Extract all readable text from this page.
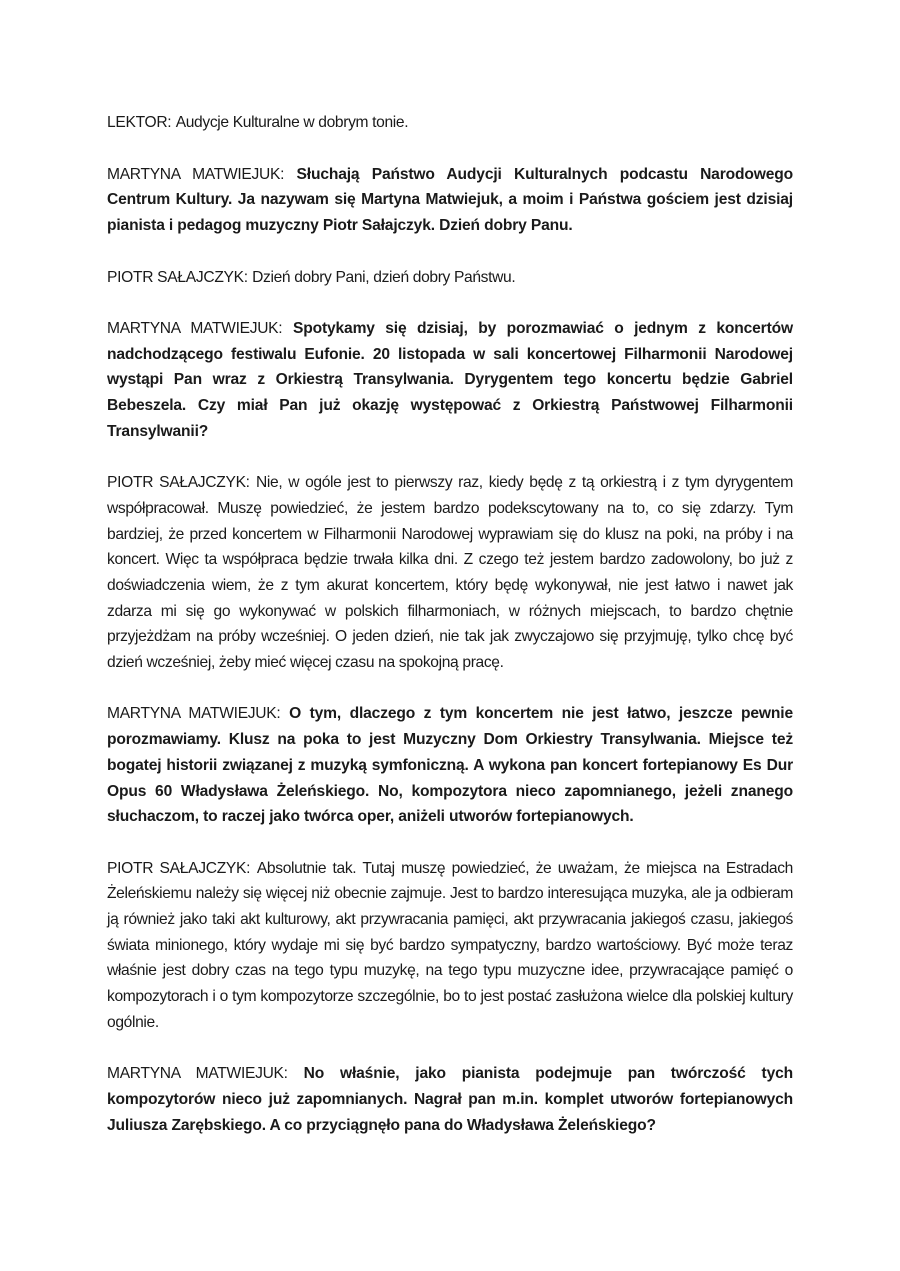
LEKTOR: Audycje Kulturalne w dobrym tonie.

MARTYNA MATWIEJUK: Słuchają Państwo Audycji Kulturalnych podcastu Narodowego Centrum Kultury. Ja nazywam się Martyna Matwiejuk, a moim i Państwa gościem jest dzisiaj pianista i pedagog muzyczny Piotr Sałajczyk. Dzień dobry Panu.

PIOTR SAŁAJCZYK: Dzień dobry Pani, dzień dobry Państwu.

MARTYNA MATWIEJUK: Spotykamy się dzisiaj, by porozmawiać o jednym z koncertów nadchodzącego festiwalu Eufonie. 20 listopada w sali koncertowej Filharmonii Narodowej wystąpi Pan wraz z Orkiestrą Transylwania. Dyrygentem tego koncertu będzie Gabriel Bebeszela. Czy miał Pan już okazję występować z Orkiestrą Państwowej Filharmonii Transylwanii?

PIOTR SAŁAJCZYK: Nie, w ogóle jest to pierwszy raz, kiedy będę z tą orkiestrą i z tym dyrygentem współpracował. Muszę powiedzieć, że jestem bardzo podekscytowany na to, co się zdarzy. Tym bardziej, że przed koncertem w Filharmonii Narodowej wyprawiam się do klusz na poki, na próby i na koncert. Więc ta współpraca będzie trwała kilka dni. Z czego też jestem bardzo zadowolony, bo już z doświadczenia wiem, że z tym akurat koncertem, który będę wykonywał, nie jest łatwo i nawet jak zdarza mi się go wykonywać w polskich filharmoniach, w różnych miejscach, to bardzo chętnie przyjeżdżam na próby wcześniej. O jeden dzień, nie tak jak zwyczajowo się przyjmuję, tylko chcę być dzień wcześniej, żeby mieć więcej czasu na spokojną pracę.

MARTYNA MATWIEJUK: O tym, dlaczego z tym koncertem nie jest łatwo, jeszcze pewnie porozmawiamy. Klusz na poka to jest Muzyczny Dom Orkiestry Transylwania. Miejsce też bogatej historii związanej z muzyką symfoniczną. A wykona pan koncert fortepianowy Es Dur Opus 60 Władysława Żeleńskiego. No, kompozytora nieco zapomnianego, jeżeli znanego słuchaczom, to raczej jako twórca oper, aniżeli utworów fortepianowych.

PIOTR SAŁAJCZYK: Absolutnie tak. Tutaj muszę powiedzieć, że uważam, że miejsca na Estradach Żeleńskiemu należy się więcej niż obecnie zajmuje. Jest to bardzo interesująca muzyka, ale ja odbieram ją również jako taki akt kulturowy, akt przywracania pamięci, akt przywracania jakiegoś czasu, jakiegoś świata minionego, który wydaje mi się być bardzo sympatyczny, bardzo wartościowy. Być może teraz właśnie jest dobry czas na tego typu muzykę, na tego typu muzyczne idee, przywracające pamięć o kompozytorach i o tym kompozytorze szczególnie, bo to jest postać zasłużona wielce dla polskiej kultury ogólnie.

MARTYNA MATWIEJUK: No właśnie, jako pianista podejmuje pan twórczość tych kompozytorów nieco już zapomnianych. Nagrał pan m.in. komplet utworów fortepianowych Juliusza Zarębskiego. A co przyciągnęło pana do Władysława Żeleńskiego?
